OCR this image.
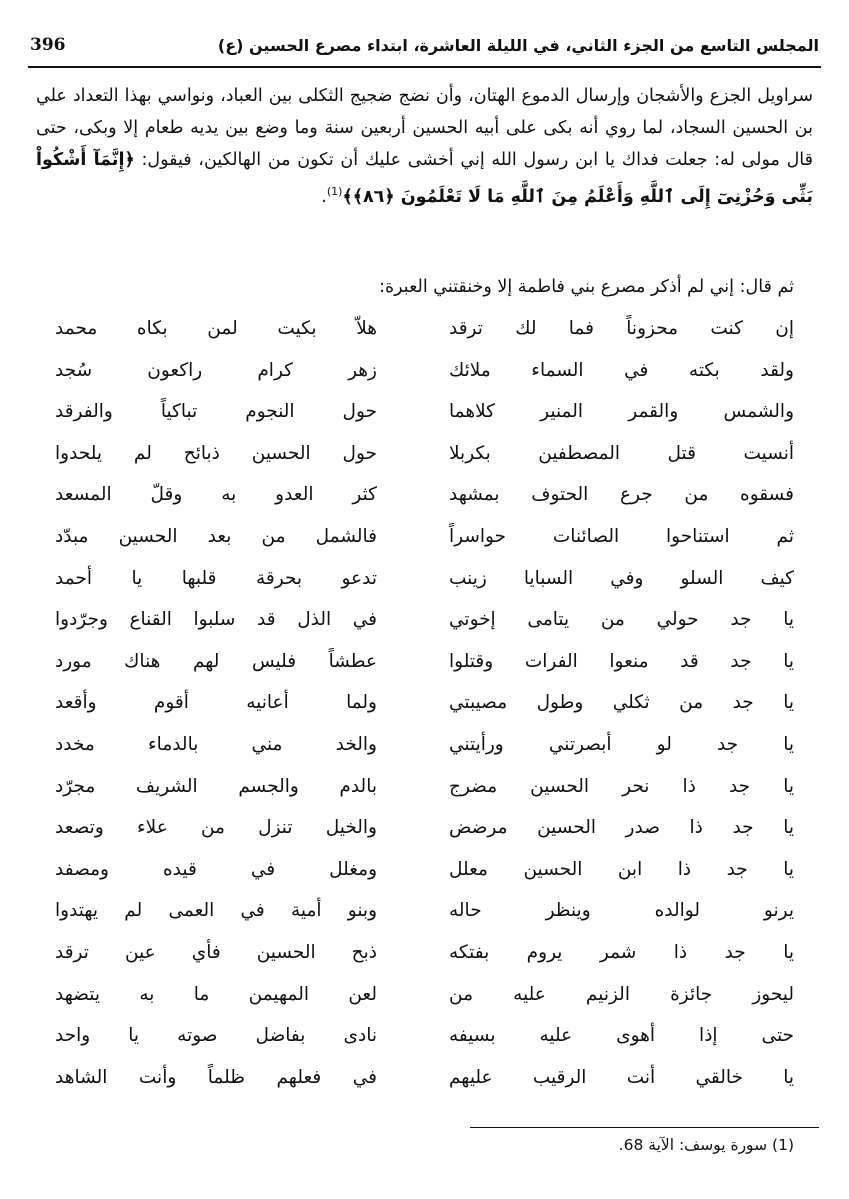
396	المجلس التاسع من الجزء الثاني، في الليلة العاشرة، ابتداء مصرع الحسين (ع)

سراويل الجزع والأشجان وإرسال الدموع الهتان، وأن نضج ضجيج الثكلى بين العباد، ونواسي بهذا التعداد علي بن الحسين السجاد، لما روي أنه بكى على أبيه الحسين أربعين سنة وما وضع بين يديه طعام إلا وبكى، حتى قال مولى له: جعلت فداك يا ابن رسول الله إني أخشى عليك أن تكون من الهالكين، فيقول: ﴿إِنَّمَآ أَشْكُواْ بَثِّى وَحُزْنِىٓ إِلَى ٱللَّهِ وَأَعْلَمُ مِنَ ٱللَّهِ مَا لَا تَعْلَمُونَ ﴿٨٦﴾﴾$^{(1)}$.

ثم قال: إني لم أذكر مصرع بني فاطمة إلا وخنقتني العبرة:
إن كنت محزوناً فما لك ترقد
هلاّ بكيت لمن بكاه محمد
ولقد بكته في السماء ملائك
زهر كرام راكعون سُجد
والشمس والقمر المنير كلاهما
حول النجوم تباكياً والفرقد
أنسيت قتل المصطفين بكربلا
حول الحسين ذبائح لم يلحدوا
فسقوه من جرع الحتوف بمشهد
كثر العدو به وقلّ المسعد
ثم استناحوا الصائنات حواسراً
فالشمل من بعد الحسين مبدّد
كيف السلو وفي السبايا زينب
تدعو بحرقة قلبها يا أحمد
يا جد حولي من يتامى إخوتي
في الذل قد سلبوا القناع وجرّدوا
يا جد قد منعوا الفرات وقتلوا
عطشاً فليس لهم هناك مورد
يا جد من ثكلي وطول مصيبتي
ولما أعانيه أقوم وأقعد
يا جد لو أبصرتني ورأيتني
والخد مني بالدماء مخدد
يا جد ذا نحر الحسين مضرج
بالدم والجسم الشريف مجرّد
يا جد ذا صدر الحسين مرضض
والخيل تنزل من علاء وتصعد
يا جد ذا ابن الحسين معلل
ومغلل في قيده ومصفد
يرنو لوالده وينظر حاله
وبنو أمية في العمى لم يهتدوا
يا جد ذا شمر يروم بفتكه
ذبح الحسين فأي عين ترقد
ليحوز جائزة الزنيم عليه من
لعن المهيمن ما به يتضهد
حتى إذا أهوى عليه بسيفه
نادى بفاضل صوته يا واحد
يا خالقي أنت الرقيب عليهم
في فعلهم ظلماً وأنت الشاهد
(1) سورة يوسف: الآية 68.
